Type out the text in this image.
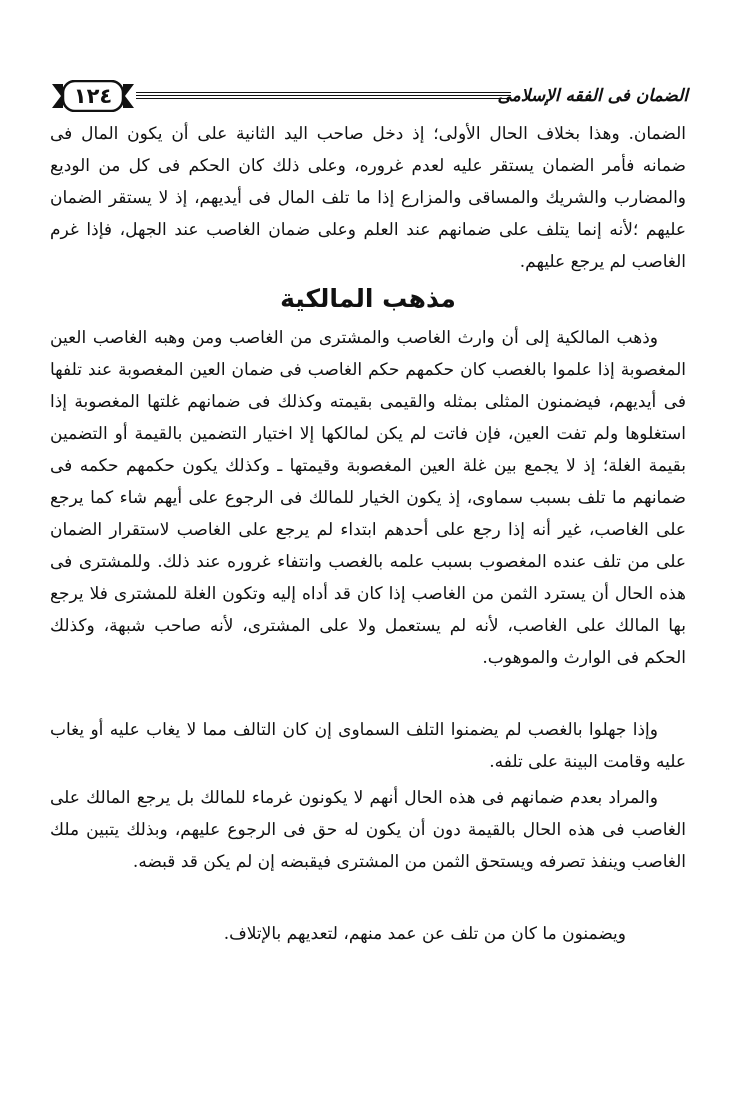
١٢٤	الضمان فى الفقه الإسلامى

الضمان. وهذا بخلاف الحال الأولى؛ إذ دخل صاحب اليد الثانية على أن يكون المال فى ضمانه فأمر الضمان يستقر عليه لعدم غروره، وعلى ذلك كان الحكم فى كل من الوديع والمضارب والشريك والمساقى والمزارع إذا ما تلف المال فى أيديهم، إذ لا يستقر الضمان عليهم ؛لأنه إنما يتلف على ضمانهم عند العلم وعلى ضمان الغاصب عند الجهل، فإذا غرم الغاصب لم يرجع عليهم.

مذهب المالكية

وذهب المالكية إلى أن وارث الغاصب والمشترى من الغاصب ومن وهبه الغاصب العين المغصوبة إذا علموا بالغصب كان حكمهم حكم الغاصب فى ضمان العين المغصوبة عند تلفها فى أيديهم، فيضمنون المثلى بمثله والقيمى بقيمته وكذلك فى ضمانهم غلتها المغصوبة إذا استغلوها ولم تفت العين، فإن فاتت لم يكن لمالكها إلا اختيار التضمين بالقيمة أو التضمين بقيمة الغلة؛ إذ لا يجمع بين غلة العين المغصوبة وقيمتها ـ وكذلك يكون حكمهم حكمه فى ضمانهم ما تلف بسبب سماوى، إذ يكون الخيار للمالك فى الرجوع على أيهم شاء كما يرجع على الغاصب، غير أنه إذا رجع على أحدهم ابتداء لم يرجع على الغاصب لاستقرار الضمان على من تلف عنده المغصوب بسبب علمه بالغصب وانتفاء غروره عند ذلك. وللمشترى فى هذه الحال أن يسترد الثمن من الغاصب إذا كان قد أداه إليه وتكون الغلة للمشترى فلا يرجع بها المالك على الغاصب، لأنه لم يستعمل ولا على المشترى، لأنه صاحب شبهة، وكذلك الحكم فى الوارث والموهوب.

وإذا جهلوا بالغصب لم يضمنوا التلف السماوى إن كان التالف مما لا يغاب عليه أو يغاب عليه وقامت البينة على تلفه.

والمراد بعدم ضمانهم فى هذه الحال أنهم لا يكونون غرماء للمالك بل يرجع المالك على الغاصب فى هذه الحال بالقيمة دون أن يكون له حق فى الرجوع عليهم، وبذلك يتبين ملك الغاصب وينفذ تصرفه ويستحق الثمن من المشترى فيقبضه إن لم يكن قد قبضه.

ويضمنون ما كان من تلف عن عمد منهم، لتعديهم بالإتلاف.
